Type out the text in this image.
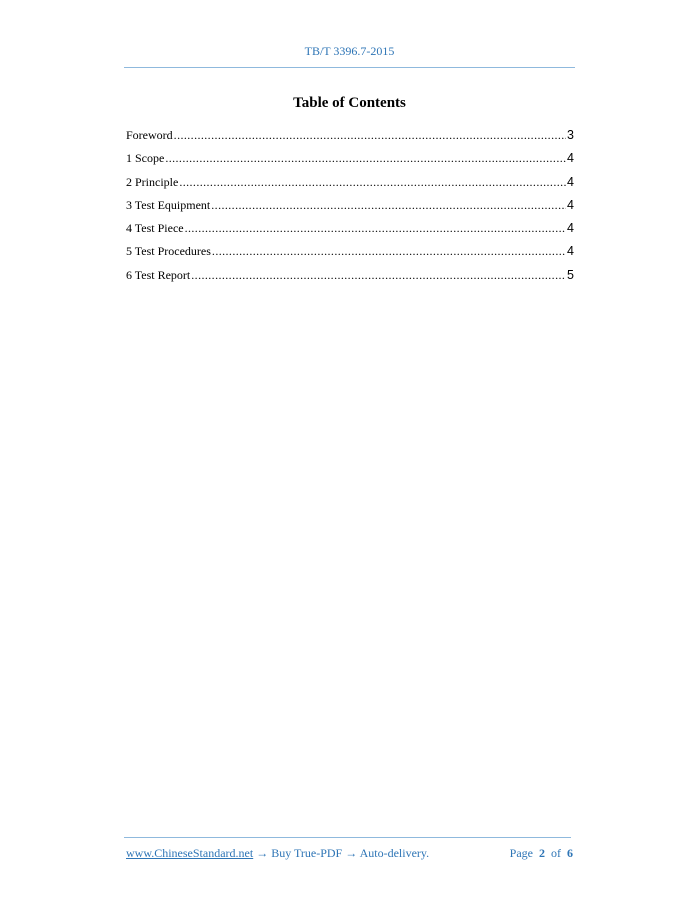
TB/T 3396.7-2015
Table of Contents
Foreword .....	3
1 Scope .....	4
2 Principle .....	4
3 Test Equipment .....	4
4 Test Piece .....	4
5 Test Procedures .....	4
6 Test Report .....	5
www.ChineseStandard.net → Buy True-PDF → Auto-delivery.	Page 2 of 6
